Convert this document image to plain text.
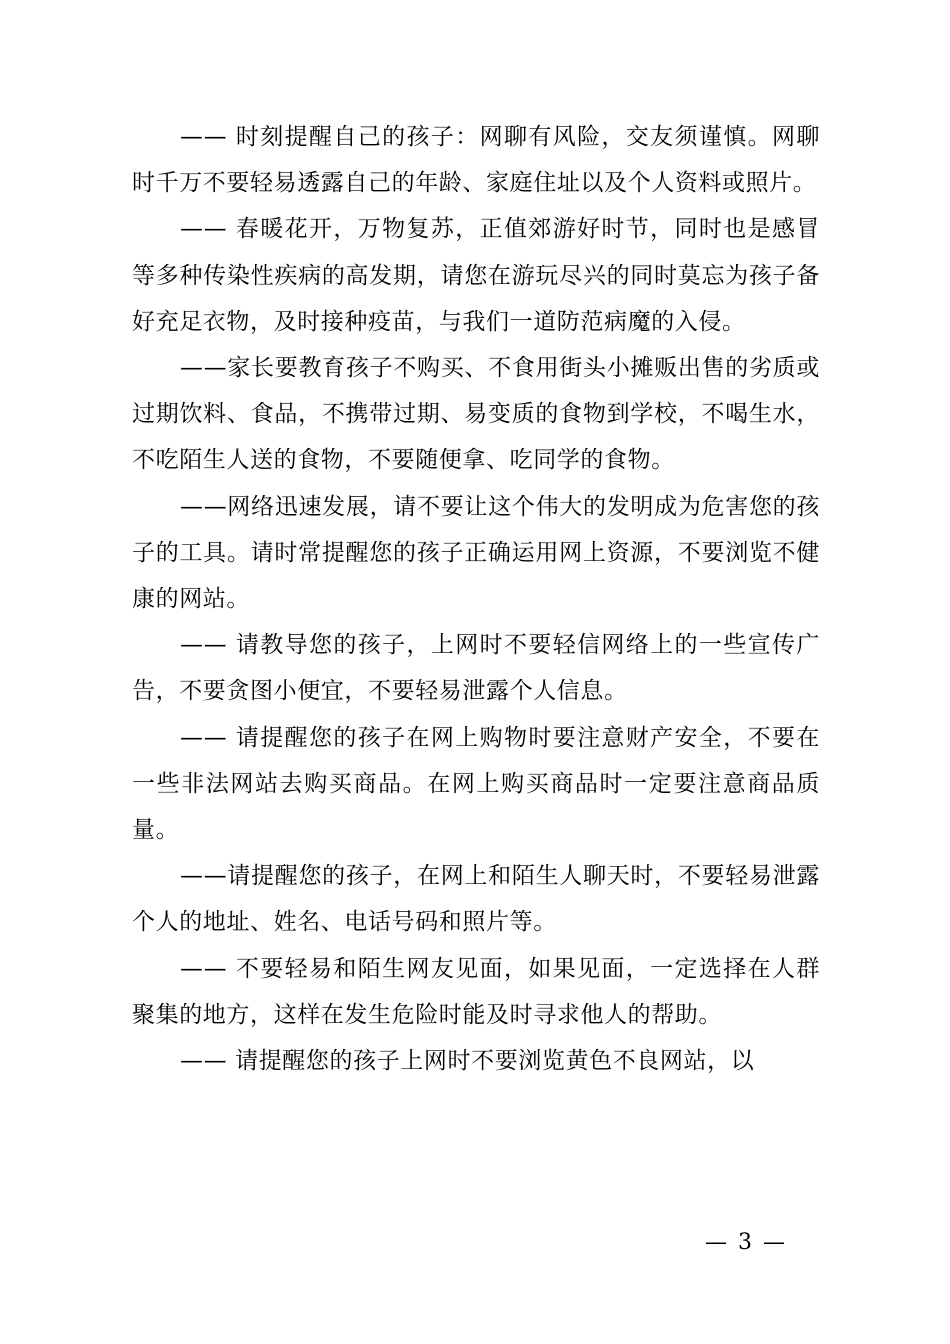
—— 时刻提醒自己的孩子：网聊有风险，交友须谨慎。网聊时千万不要轻易透露自己的年龄、家庭住址以及个人资料或照片。

—— 春暖花开，万物复苏，正值郊游好时节，同时也是感冒等多种传染性疾病的高发期，请您在游玩尽兴的同时莫忘为孩子备好充足衣物，及时接种疫苗，与我们一道防范病魔的入侵。

——家长要教育孩子不购买、不食用街头小摊贩出售的劣质或过期饮料、食品，不携带过期、易变质的食物到学校，不喝生水，不吃陌生人送的食物，不要随便拿、吃同学的食物。

——网络迅速发展，请不要让这个伟大的发明成为危害您的孩子的工具。请时常提醒您的孩子正确运用网上资源，不要浏览不健康的网站。

—— 请教导您的孩子，上网时不要轻信网络上的一些宣传广告，不要贪图小便宜，不要轻易泄露个人信息。

—— 请提醒您的孩子在网上购物时要注意财产安全，不要在一些非法网站去购买商品。在网上购买商品时一定要注意商品质量。

——请提醒您的孩子，在网上和陌生人聊天时，不要轻易泄露个人的地址、姓名、电话号码和照片等。

—— 不要轻易和陌生网友见面，如果见面，一定选择在人群聚集的地方，这样在发生危险时能及时寻求他人的帮助。

—— 请提醒您的孩子上网时不要浏览黄色不良网站，以

— 3 —
